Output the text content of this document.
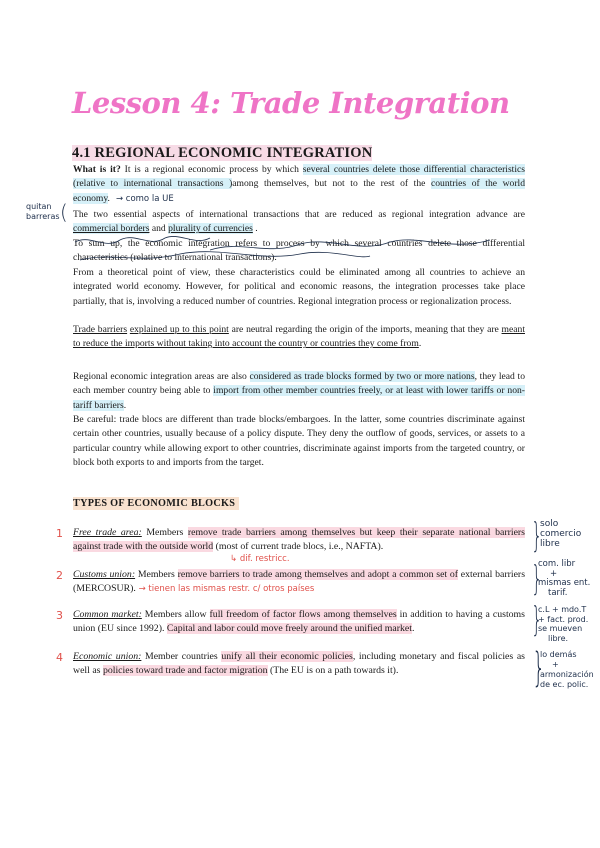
Lesson 4: Trade Integration
4.1 REGIONAL ECONOMIC INTEGRATION
quitan barreras (
What is it? It is a regional economic process by which several countries delete those differential characteristics (relative to international transactions )among themselves, but not to the rest of the countries of the world economy. → como la UE
The two essential aspects of international transactions that are reduced as regional integration advance are commercial borders and plurality of currencies .
To sum up, the economic integration refers to process by which several countries delete those differential characteristics (relative to international transactions).
From a theoretical point of view, these characteristics could be eliminated among all countries to achieve an integrated world economy. However, for political and economic reasons, the integration processes take place partially, that is, involving a reduced number of countries. Regional integration process or regionalization process.
Trade barriers explained up to this point are neutral regarding the origin of the imports, meaning that they are meant to reduce the imports without taking into account the country or countries they come from.
Regional economic integration areas are also considered as trade blocks formed by two or more nations, they lead to each member country being able to import from other member countries freely, or at least with lower tariffs or non-tariff barriers.
Be careful: trade blocs are different than trade blocks/embargoes. In the latter, some countries discriminate against certain other countries, usually because of a policy dispute. They deny the outflow of goods, services, or assets to a particular country while allowing export to other countries, discriminate against imports from the targeted country, or block both exports to and imports from the target.
TYPES OF ECONOMIC BLOCKS
1 Free trade area: Members remove trade barriers among themselves but keep their separate national barriers against trade with the outside world (most of current trade blocs, i.e., NAFTA).
↳ dif. restricc.
}
solo
comercio
libre
2 Customs union: Members remove barriers to trade among themselves and adopt a common set of external barriers (MERCOSUR). → tienen las mismas restr. c/ otros países	}
com. libr
+
mismas ent.
tarif.
3 Common market: Members allow full freedom of factor flows among themselves in addition to having a customs union (EU since 1992). Capital and labor could move freely around the unified market.	}
c.L + mdo.T
+ fact. prod.
se mueven
libre.
4 Economic union: Member countries unify all their economic policies, including monetary and fiscal policies as well as policies toward trade and factor migration (The EU is on a path towards it).	}
lo demás
+
armonización
de ec. polic.
